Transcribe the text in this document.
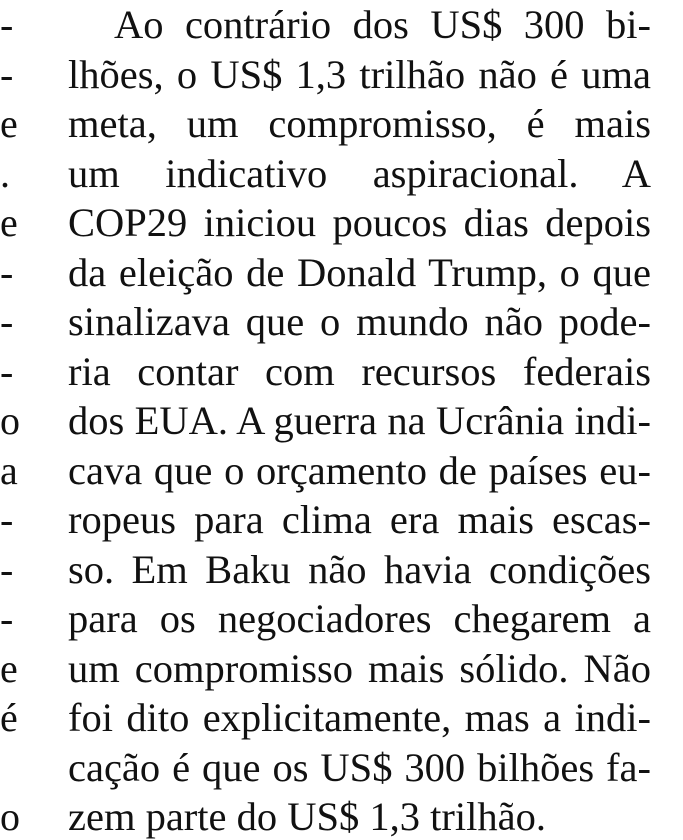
-
-
e
.
e
-
-
-
o
a
-
-
-
e
é
o
Ao contrário dos US$ 300 bi-
lhões, o US$ 1,3 trilhão não é uma
meta, um compromisso, é mais
um indicativo aspiracional. A
COP29 iniciou poucos dias depois
da eleição de Donald Trump, o que
sinalizava que o mundo não pode-
ria contar com recursos federais
dos EUA. A guerra na Ucrânia indi-
cava que o orçamento de países eu-
ropeus para clima era mais escas-
so. Em Baku não havia condições
para os negociadores chegarem a
um compromisso mais sólido. Não
foi dito explicitamente, mas a indi-
cação é que os US$ 300 bilhões fa-
zem parte do US$ 1,3 trilhão.
